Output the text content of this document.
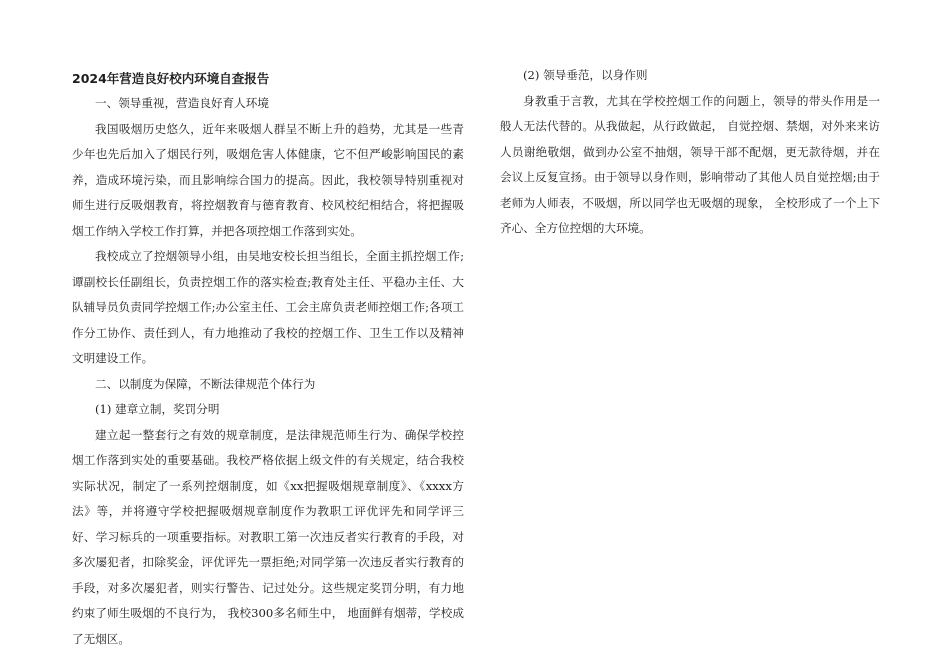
2024年营造良好校内环境自查报告

一、领导重视，营造良好育人环境

我国吸烟历史悠久，近年来吸烟人群呈不断上升的趋势，尤其是一些青少年也先后加入了烟民行列，吸烟危害人体健康，它不但严峻影响国民的素养，造成环境污染，而且影响综合国力的提高。因此，我校领导特别重视对师生进行反吸烟教育，将控烟教育与德育教育、校风校纪相结合，将把握吸烟工作纳入学校工作打算，并把各项控烟工作落到实处。

我校成立了控烟领导小组，由吴地安校长担当组长，全面主抓控烟工作;谭副校长任副组长，负责控烟工作的落实检查;教育处主任、平稳办主任、大队辅导员负责同学控烟工作;办公室主任、工会主席负责老师控烟工作;各项工作分工协作、责任到人，有力地推动了我校的控烟工作、卫生工作以及精神文明建设工作。

二、以制度为保障，不断法律规范个体行为

(1) 建章立制，奖罚分明

建立起一整套行之有效的规章制度，是法律规范师生行为、确保学校控烟工作落到实处的重要基础。我校严格依据上级文件的有关规定，结合我校实际状况，制定了一系列控烟制度，如《xx把握吸烟规章制度》、《xxxx方法》等，并将遵守学校把握吸烟规章制度作为教职工评优评先和同学评三 好、学习标兵的一项重要指标。对教职工第一次违反者实行教育的手段，对多次屡犯者，扣除奖金，评优评先一票拒绝;对同学第一次违反者实行教育的手段，对多次屡犯者，则实行警告、记过处分。这些规定奖罚分明，有力地约束了师生吸烟的不良行为， 我校300多名师生中， 地面鲜有烟蒂，学校成了无烟区。

(2) 领导垂范，以身作则

身教重于言教，尤其在学校控烟工作的问题上，领导的带头作用是一般人无法代替的。从我做起，从行政做起， 自觉控烟、禁烟，对外来来访人员谢绝敬烟，做到办公室不抽烟，领导干部不配烟，更无款待烟，并在会议上反复宣扬。由于领导以身作则，影响带动了其他人员自觉控烟;由于老师为人师表，不吸烟，所以同学也无吸烟的现象， 全校形成了一个上下齐心、全方位控烟的大环境。
